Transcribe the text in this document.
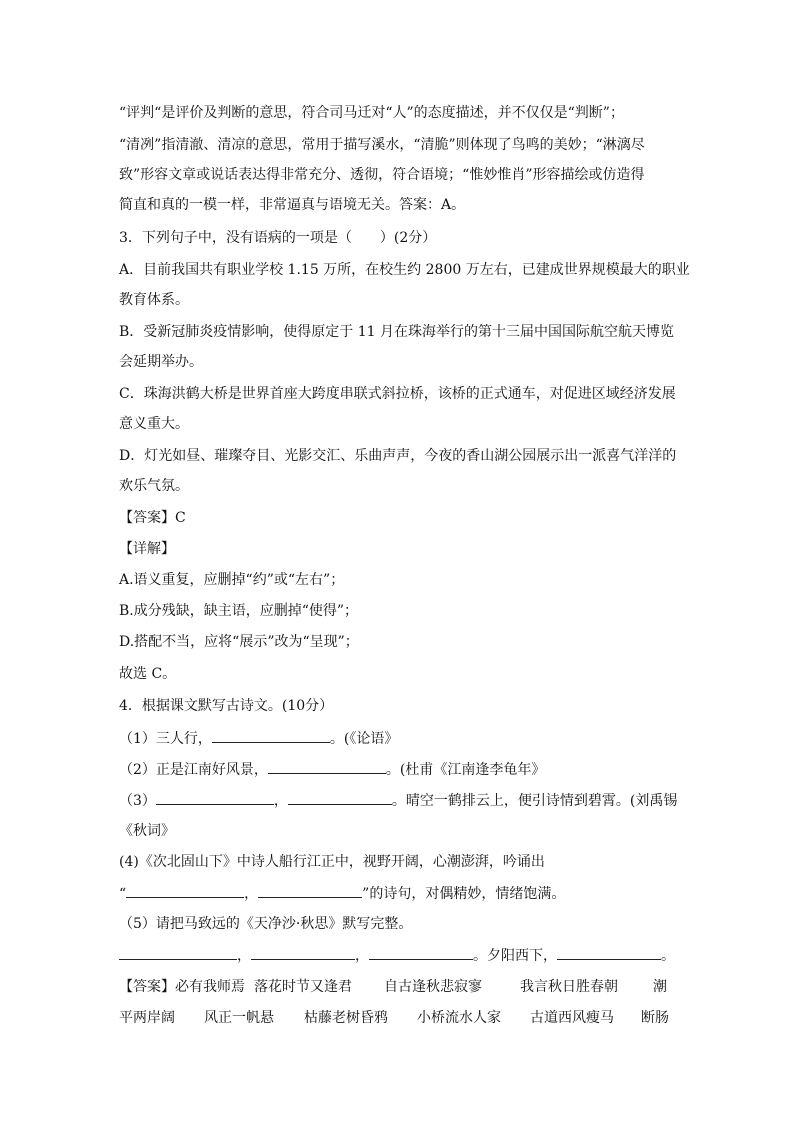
“评判“是评价及判断的意思，符合司马迁对“人”的态度描述，并不仅仅是“判断”；
“清冽”指清澈、清凉的意思，常用于描写溪水，“清脆”则体现了鸟鸣的美妙；“淋漓尽
致”形容文章或说话表达得非常充分、透彻，符合语境；“惟妙惟肖”形容描绘或仿造得
简直和真的一模一样，非常逼真与语境无关。答案：A。
3．下列句子中，没有语病的一项是（　　）(2分）
A．目前我国共有职业学校 1.15 万所，在校生约 2800 万左右，已建成世界规模最大的职业
教育体系。
B．受新冠肺炎疫情影响，使得原定于 11 月在珠海举行的第十三届中国国际航空航天博览
会延期举办。
C．珠海洪鹤大桥是世界首座大跨度串联式斜拉桥，该桥的正式通车，对促进区域经济发展
意义重大。
D．灯光如昼、璀璨夺目、光影交汇、乐曲声声，今夜的香山湖公园展示出一派喜气洋洋的
欢乐气氛。
【答案】C
【详解】
A.语义重复，应删掉“约”或“左右”；
B.成分残缺，缺主语，应删掉“使得”；
D.搭配不当，应将“展示”改为“呈现”；
故选 C。
4．根据课文默写古诗文。(10分）
（1）三人行，	。(《论语》
（2）正是江南好风景，	。(杜甫《江南逢李龟年》
（3）	，	。晴空一鹤排云上，便引诗情到碧霄。(刘禹锡
《秋词》
(4)《次北固山下》中诗人船行江正中，视野开阔，心潮澎湃，吟诵出
“	，	”的诗句，对偶精妙，情绪饱满。
（5）请把马致远的《天净沙·秋思》默写完整。
，	，	。夕阳西下，	。
【答案】必有我师焉 落花时节又逢君	自古逢秋悲寂寥	我言秋日胜春朝	潮
平两岸阔	风正一帆悬	枯藤老树昏鸦	小桥流水人家	古道西风瘦马	断肠
